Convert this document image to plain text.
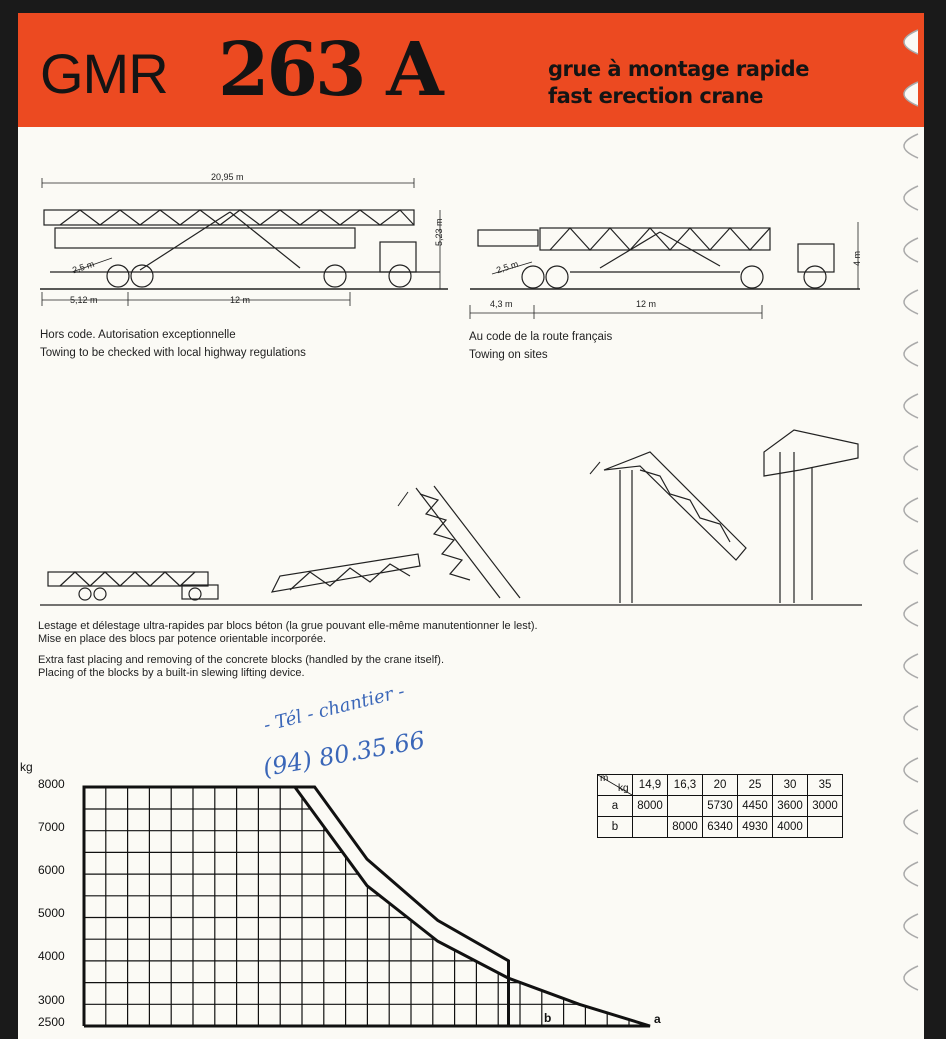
GMR 263 A	grue à montage rapide
fast erection crane
20,95 m
5,23 m
2,5 m
5,12 m	12 m
4 m
2,5 m
4,3 m	12 m
Hors code. Autorisation exceptionnelle
Towing to be checked with local highway regulations
Au code de la route français
Towing on sites
Lestage et délestage ultra-rapides par blocs béton (la grue pouvant elle-même manutentionner le lest).
Mise en place des blocs par potence orientable incorporée.
Extra fast placing and removing of the concrete blocks (handled by the crane itself).
Placing of the blocks by a built-in slewing lifting device.
- Tél - chantier -
(94) 80.35.66
kg
8000
7000
6000
5000
4000
3000
2500	b	a
m
kg	14,9	16,3	20	25	30	35
a	8000		5730	4450	3600	3000
b		8000	6340	4930	4000	
